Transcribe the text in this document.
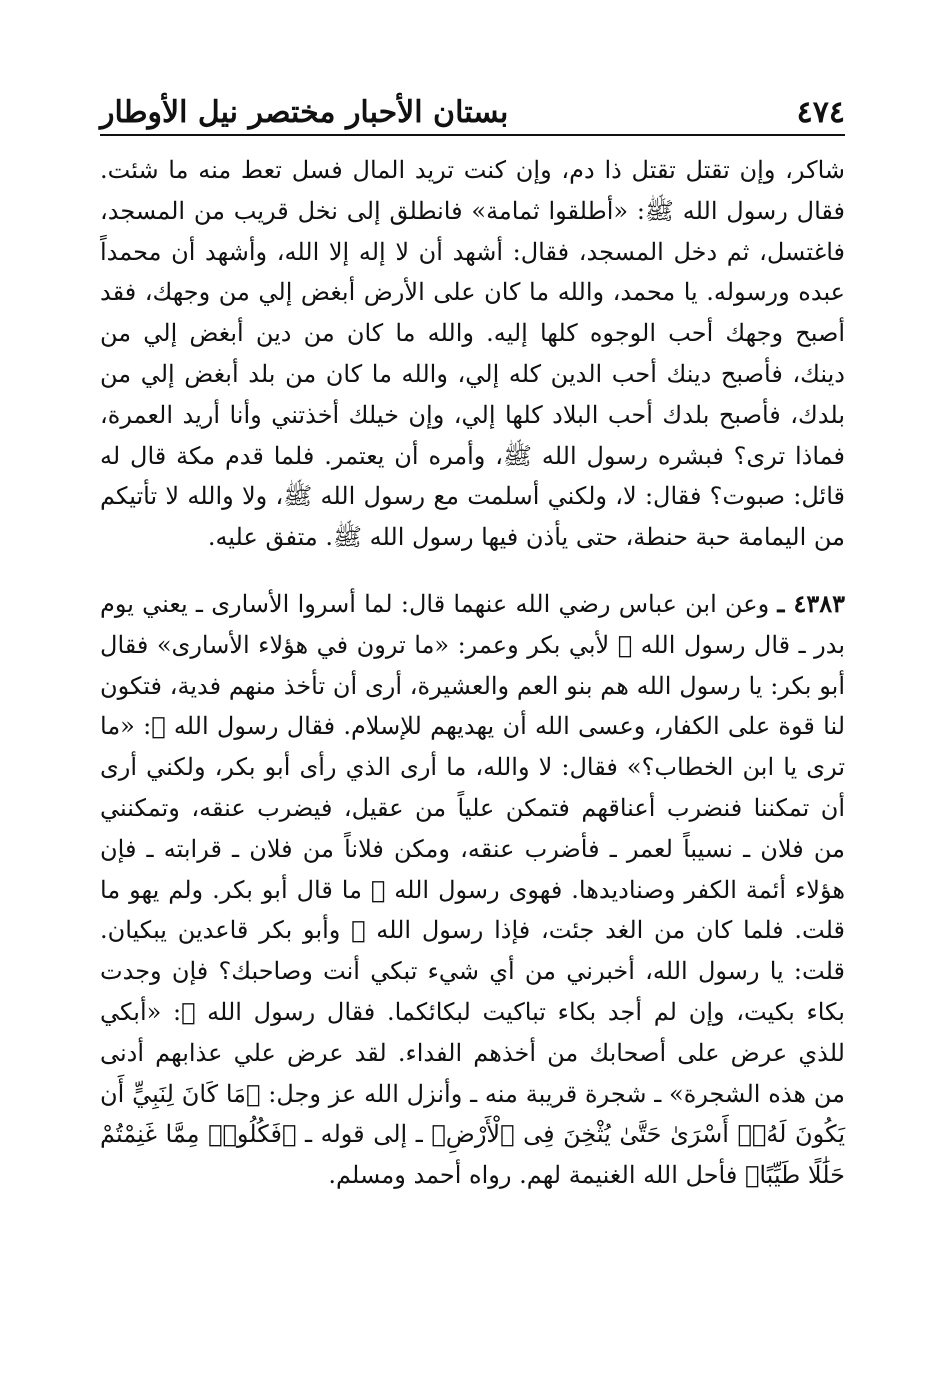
٤٧٤
بستان الأحبار مختصر نيل الأوطار

شاكر، وإن تقتل تقتل ذا دم، وإن كنت تريد المال فسل تعط منه ما شئت. فقال رسول الله ﷺ: «أطلقوا ثمامة» فانطلق إلى نخل قريب من المسجد، فاغتسل، ثم دخل المسجد، فقال: أشهد أن لا إله إلا الله، وأشهد أن محمداً عبده ورسوله. يا محمد، والله ما كان على الأرض أبغض إلي من وجهك، فقد أصبح وجهك أحب الوجوه كلها إليه. والله ما كان من دين أبغض إلي من دينك، فأصبح دينك أحب الدين كله إلي، والله ما كان من بلد أبغض إلي من بلدك، فأصبح بلدك أحب البلاد كلها إلي، وإن خيلك أخذتني وأنا أريد العمرة، فماذا ترى؟ فبشره رسول الله ﷺ، وأمره أن يعتمر. فلما قدم مكة قال له قائل: صبوت؟ فقال: لا، ولكني أسلمت مع رسول الله ﷺ، ولا والله لا تأتيكم من اليمامة حبة حنطة، حتى يأذن فيها رسول الله ﷺ. متفق عليه.

٤٣٨٣ ـ وعن ابن عباس رضي الله عنهما قال: لما أسروا الأسارى ـ يعني يوم بدر ـ قال رسول الله ﷺ لأبي بكر وعمر: «ما ترون في هؤلاء الأسارى» فقال أبو بكر: يا رسول الله هم بنو العم والعشيرة، أرى أن تأخذ منهم فدية، فتكون لنا قوة على الكفار، وعسى الله أن يهديهم للإسلام. فقال رسول الله ﷺ: «ما ترى يا ابن الخطاب؟» فقال: لا والله، ما أرى الذي رأى أبو بكر، ولكني أرى أن تمكننا فنضرب أعناقهم فتمكن علياً من عقيل، فيضرب عنقه، وتمكنني من فلان ـ نسيباً لعمر ـ فأضرب عنقه، ومكن فلاناً من فلان ـ قرابته ـ فإن هؤلاء أئمة الكفر وصناديدها. فهوى رسول الله ﷺ ما قال أبو بكر. ولم يهو ما قلت. فلما كان من الغد جئت، فإذا رسول الله ﷺ وأبو بكر قاعدين يبكيان. قلت: يا رسول الله، أخبرني من أي شيء تبكي أنت وصاحبك؟ فإن وجدت بكاء بكيت، وإن لم أجد بكاء تباكيت لبكائكما. فقال رسول الله ﷺ: «أبكي للذي عرض على أصحابك من أخذهم الفداء. لقد عرض علي عذابهم أدنى من هذه الشجرة» ـ شجرة قريبة منه ـ وأنزل الله عز وجل: ﴿مَا كَانَ لِنَبِيٍّ أَن يَكُونَ لَهُۥٓ أَسْرَىٰ حَتَّىٰ يُثْخِنَ فِى ٱلْأَرْضِ﴾ ـ إلى قوله ـ ﴿فَكُلُوا۟ مِمَّا غَنِمْتُمْ حَلَٰلًا طَيِّبًا﴾ فأحل الله الغنيمة لهم. رواه أحمد ومسلم.
